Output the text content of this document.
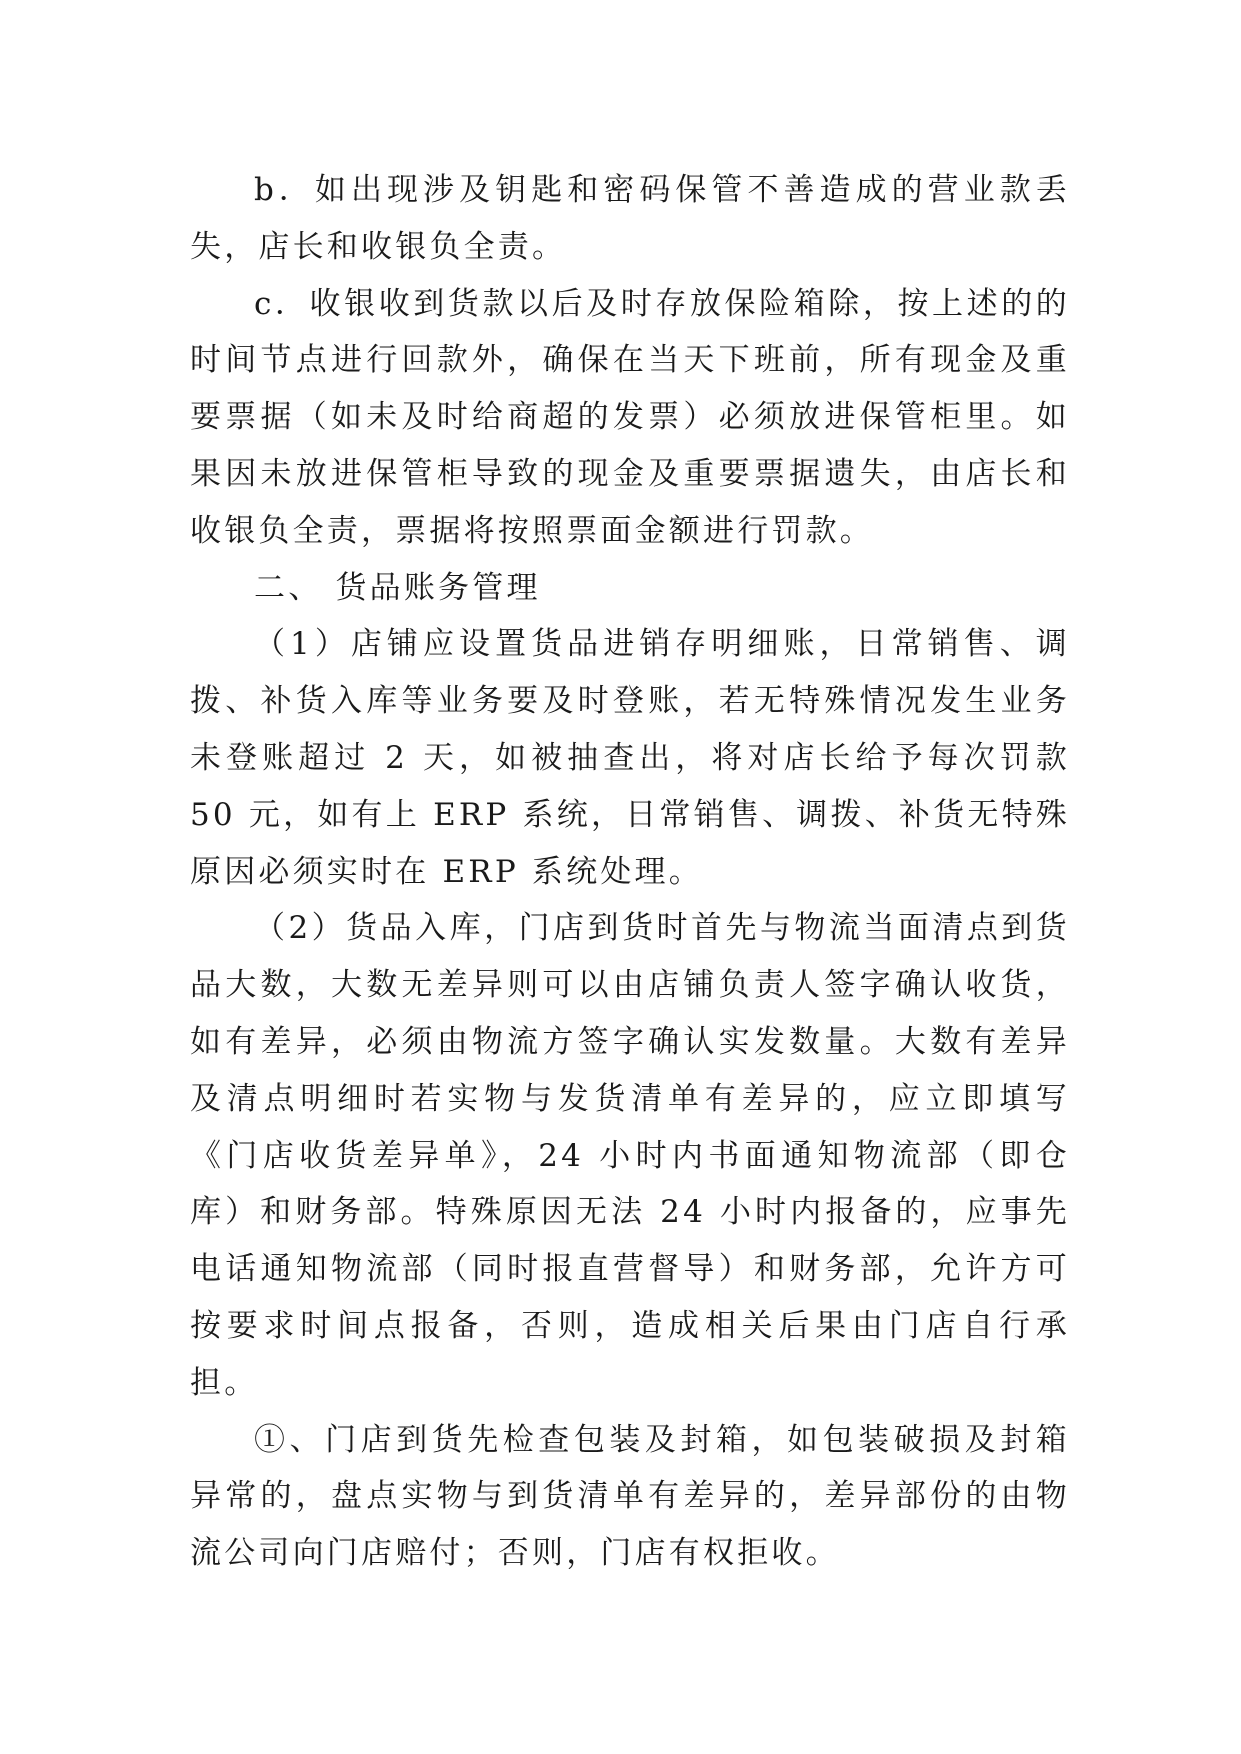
b．如出现涉及钥匙和密码保管不善造成的营业款丢失，店长和收银负全责。

c．收银收到货款以后及时存放保险箱除，按上述的的时间节点进行回款外，确保在当天下班前，所有现金及重要票据（如未及时给商超的发票）必须放进保管柜里。如果因未放进保管柜导致的现金及重要票据遗失，由店长和收银负全责，票据将按照票面金额进行罚款。

二、 货品账务管理

（1）店铺应设置货品进销存明细账，日常销售、调拨、补货入库等业务要及时登账，若无特殊情况发生业务未登账超过 2 天，如被抽查出，将对店长给予每次罚款 50 元，如有上 ERP 系统，日常销售、调拨、补货无特殊原因必须实时在 ERP 系统处理。

（2）货品入库，门店到货时首先与物流当面清点到货品大数，大数无差异则可以由店铺负责人签字确认收货，如有差异，必须由物流方签字确认实发数量。大数有差异及清点明细时若实物与发货清单有差异的，应立即填写《门店收货差异单》，24 小时内书面通知物流部（即仓库）和财务部。特殊原因无法 24 小时内报备的，应事先电话通知物流部（同时报直营督导）和财务部，允许方可按要求时间点报备，否则，造成相关后果由门店自行承担。

①、门店到货先检查包装及封箱，如包装破损及封箱异常的，盘点实物与到货清单有差异的，差异部份的由物流公司向门店赔付；否则，门店有权拒收。
